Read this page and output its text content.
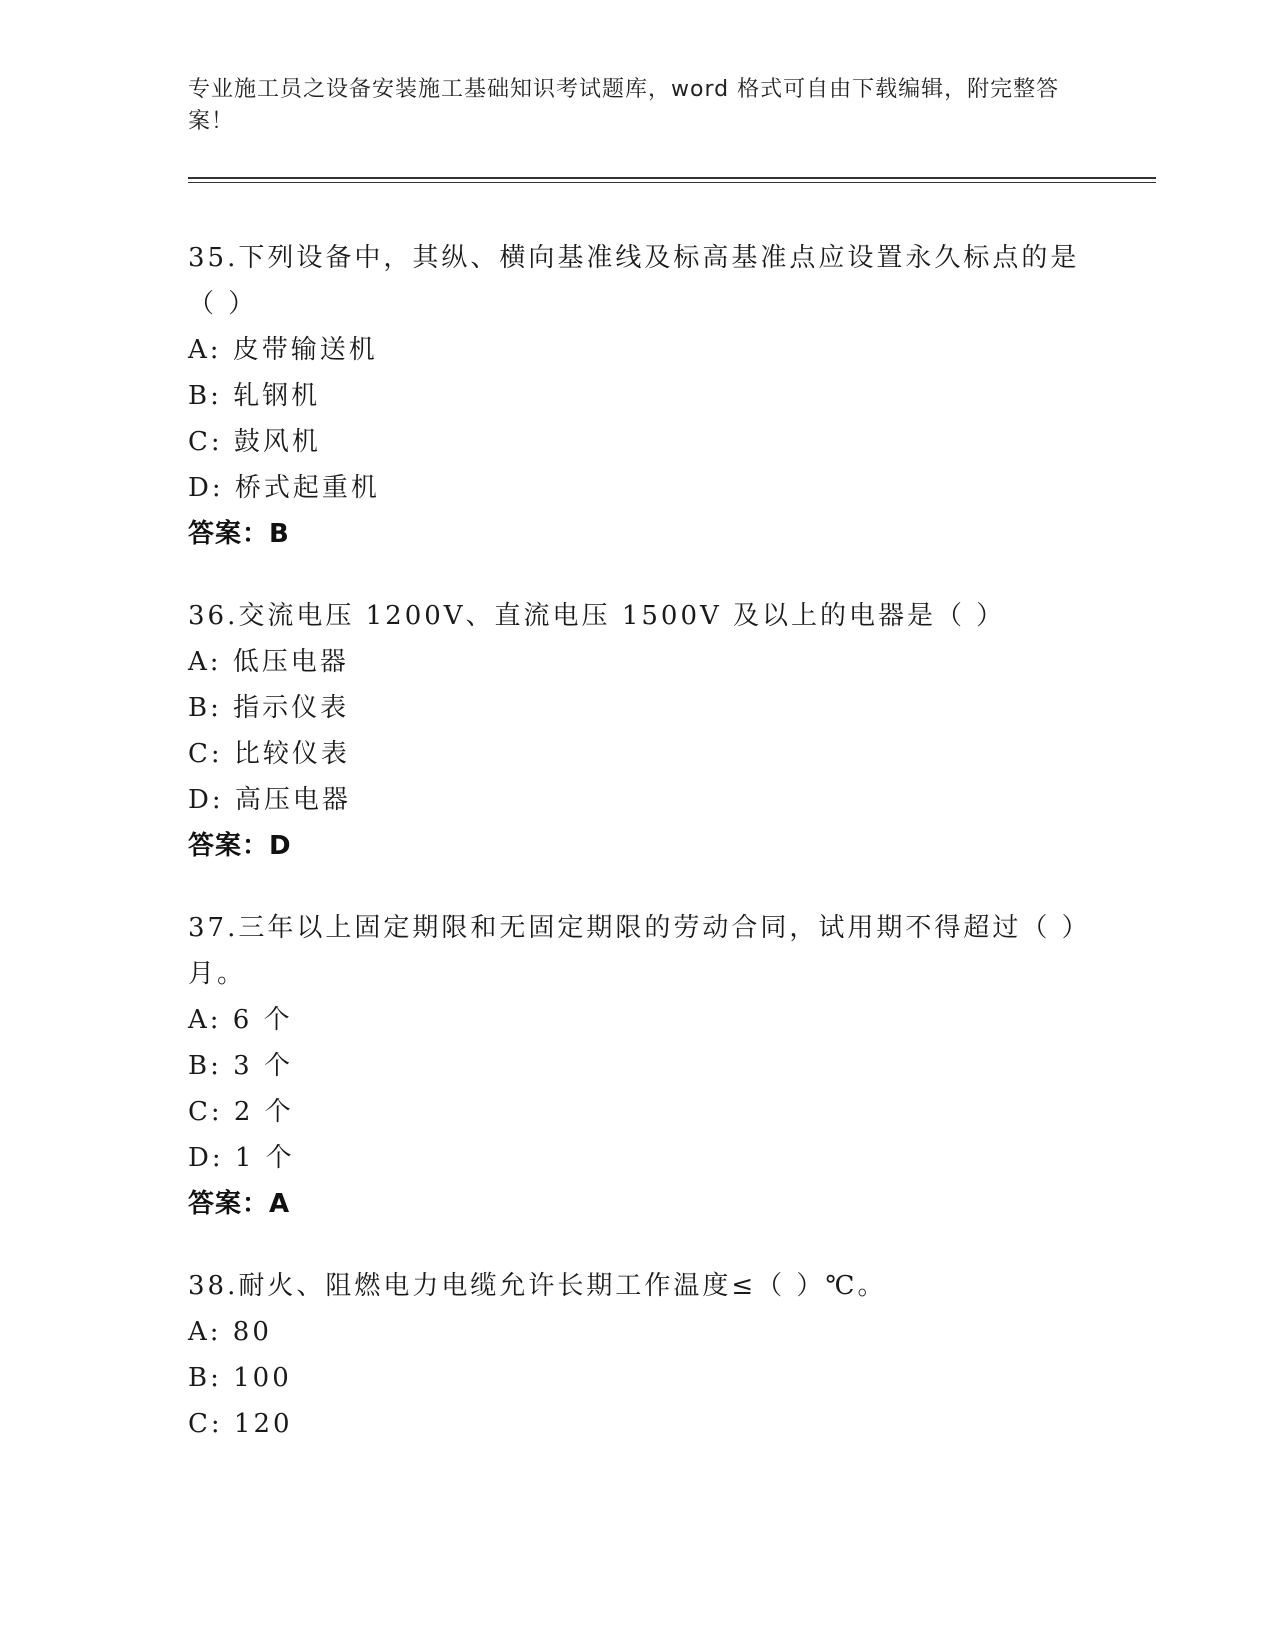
专业施工员之设备安装施工基础知识考试题库，word 格式可自由下载编辑，附完整答案！

35.下列设备中，其纵、横向基准线及标高基准点应设置永久标点的是（ ）

A: 皮带输送机
B: 轧钢机
C: 鼓风机
D: 桥式起重机

答案：B

36.交流电压 1200V、直流电压 1500V 及以上的电器是（ ）

A: 低压电器
B: 指示仪表
C: 比较仪表
D: 高压电器

答案：D

37.三年以上固定期限和无固定期限的劳动合同，试用期不得超过（ ）月。

A: 6 个
B: 3 个
C: 2 个
D: 1 个

答案：A

38.耐火、阻燃电力电缆允许长期工作温度≤（ ）℃。

A: 80
B: 100
C: 120
